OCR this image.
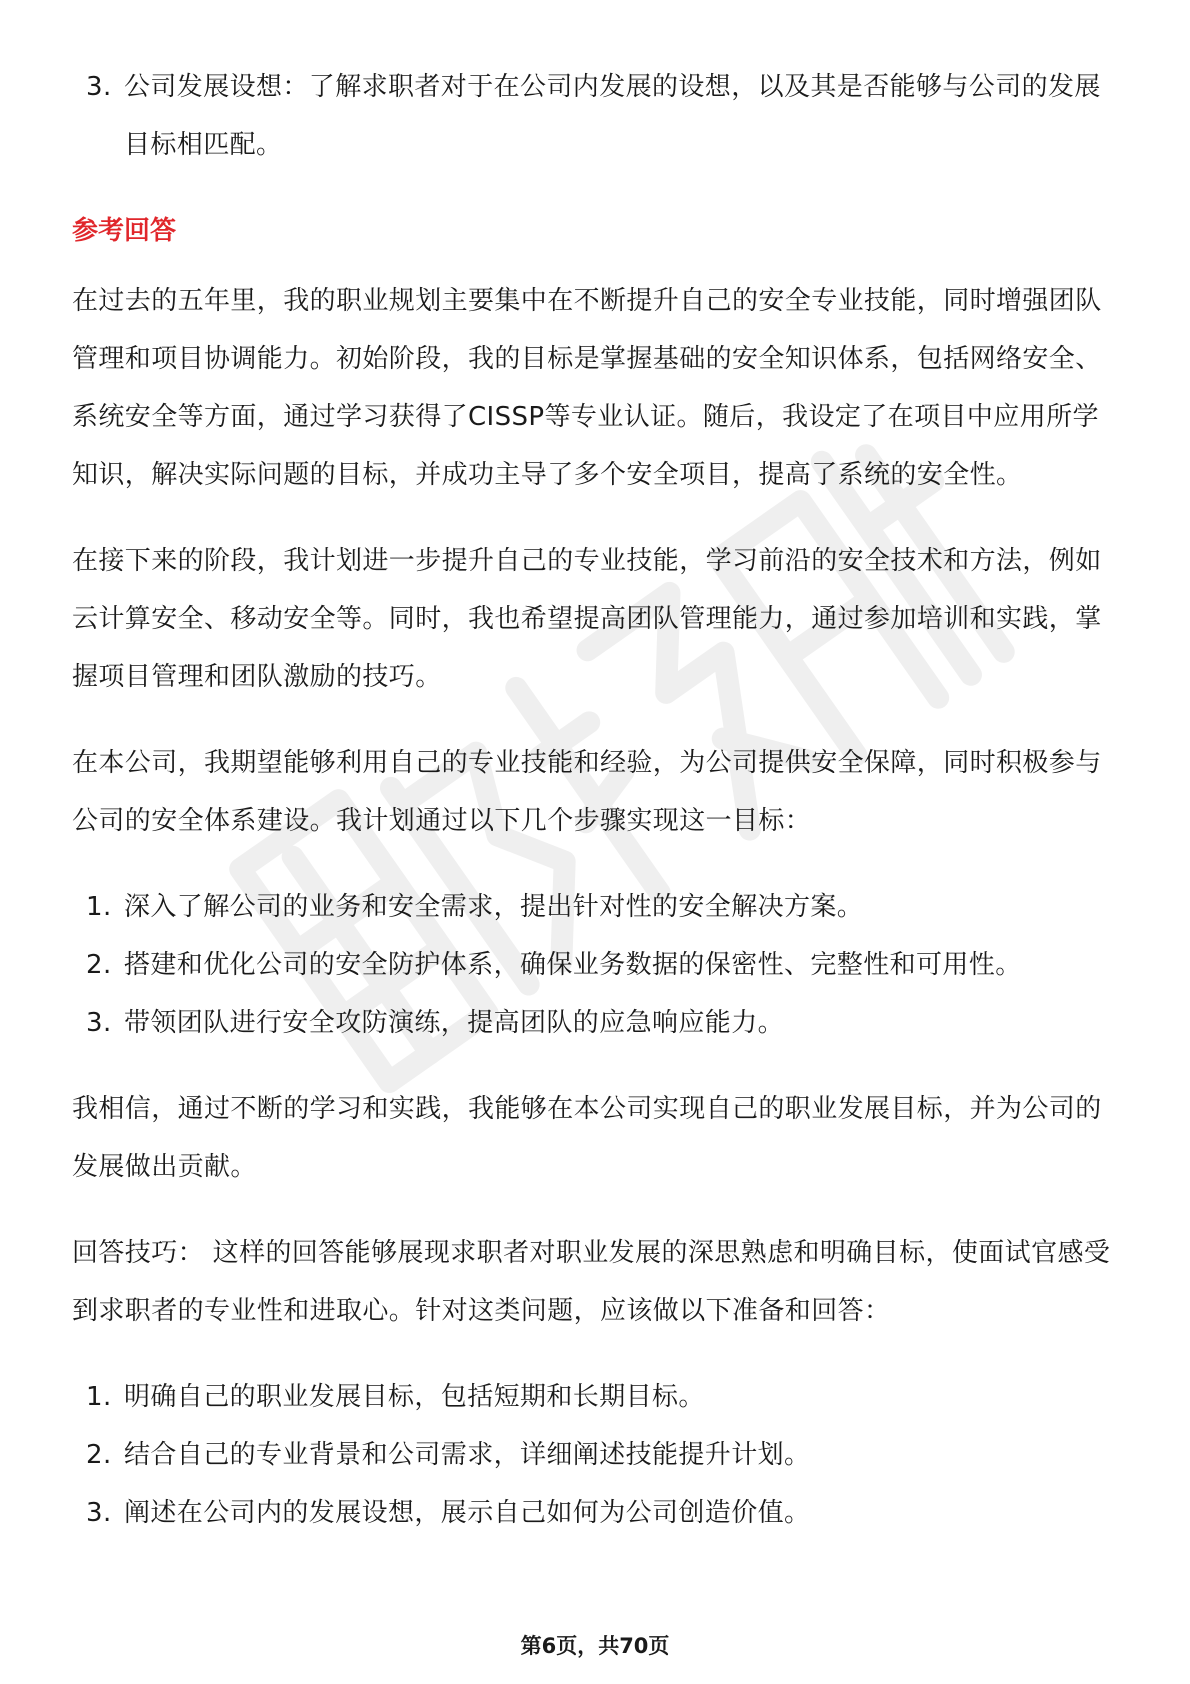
3. 公司发展设想：了解求职者对于在公司内发展的设想，以及其是否能够与公司的发展目标相匹配。
参考回答

在过去的五年里，我的职业规划主要集中在不断提升自己的安全专业技能，同时增强团队管理和项目协调能力。初始阶段，我的目标是掌握基础的安全知识体系，包括网络安全、系统安全等方面，通过学习获得了CISSP等专业认证。随后，我设定了在项目中应用所学知识，解决实际问题的目标，并成功主导了多个安全项目，提高了系统的安全性。

在接下来的阶段，我计划进一步提升自己的专业技能，学习前沿的安全技术和方法，例如云计算安全、移动安全等。同时，我也希望提高团队管理能力，通过参加培训和实践，掌握项目管理和团队激励的技巧。

在本公司，我期望能够利用自己的专业技能和经验，为公司提供安全保障，同时积极参与公司的安全体系建设。我计划通过以下几个步骤实现这一目标：

1. 深入了解公司的业务和安全需求，提出针对性的安全解决方案。
2. 搭建和优化公司的安全防护体系，确保业务数据的保密性、完整性和可用性。
3. 带领团队进行安全攻防演练，提高团队的应急响应能力。

我相信，通过不断的学习和实践，我能够在本公司实现自己的职业发展目标，并为公司的发展做出贡献。

回答技巧： 这样的回答能够展现求职者对职业发展的深思熟虑和明确目标，使面试官感受到求职者的专业性和进取心。针对这类问题，应该做以下准备和回答：

1. 明确自己的职业发展目标，包括短期和长期目标。
2. 结合自己的专业背景和公司需求，详细阐述技能提升计划。
3. 阐述在公司内的发展设想，展示自己如何为公司创造价值。
第6页，共70页
